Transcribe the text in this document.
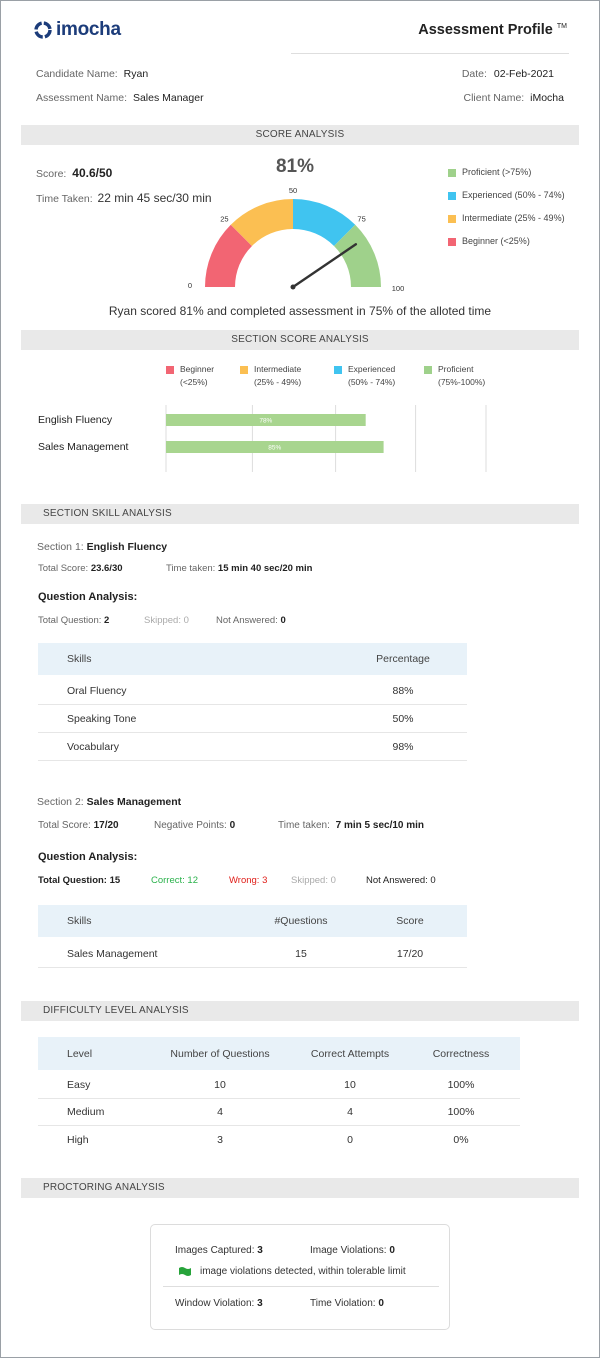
imocha	Assessment Profile ™
Candidate Name: Ryan	Date: 02-Feb-2021
Assessment Name: Sales Manager	Client Name: iMocha
SCORE ANALYSIS
Score: 40.6/50
Time Taken: 22 min 45 sec/30 min
81%
0
25
50
75
100
Proficient (>75%)
Experienced (50% - 74%)
Intermediate (25% - 49%)
Beginner (<25%)
Ryan scored 81% and completed assessment in 75% of the alloted time
SECTION SCORE ANALYSIS
Beginner
(<25%)
Intermediate
(25% - 49%)
Experienced
(50% - 74%)
Proficient
(75%-100%)
English Fluency
Sales Management
78%
85%
SECTION SKILL ANALYSIS
Section 1: English Fluency
Total Score: 23.6/30	Time taken: 15 min 40 sec/20 min
Question Analysis:
Total Question: 2	Skipped: 0	Not Answered: 0
Skills	Percentage
Oral Fluency	88%
Speaking Tone	50%
Vocabulary	98%
Section 2: Sales Management
Total Score: 17/20	Negative Points: 0	Time taken: 7 min 5 sec/10 min
Question Analysis:
Total Question: 15	Correct: 12	Wrong: 3 Skipped: 0	Not Answered: 0
Skills	#Questions	Score
Sales Management	15	17/20
DIFFICULTY LEVEL ANALYSIS
Level	Number of Questions	Correct Attempts	Correctness
Easy	10	10	100%
Medium	4	4	100%
High	3	0	0%
PROCTORING ANALYSIS
Images Captured: 3	Image Violations: 0
image violations detected, within tolerable limit
Window Violation: 3	Time Violation: 0
